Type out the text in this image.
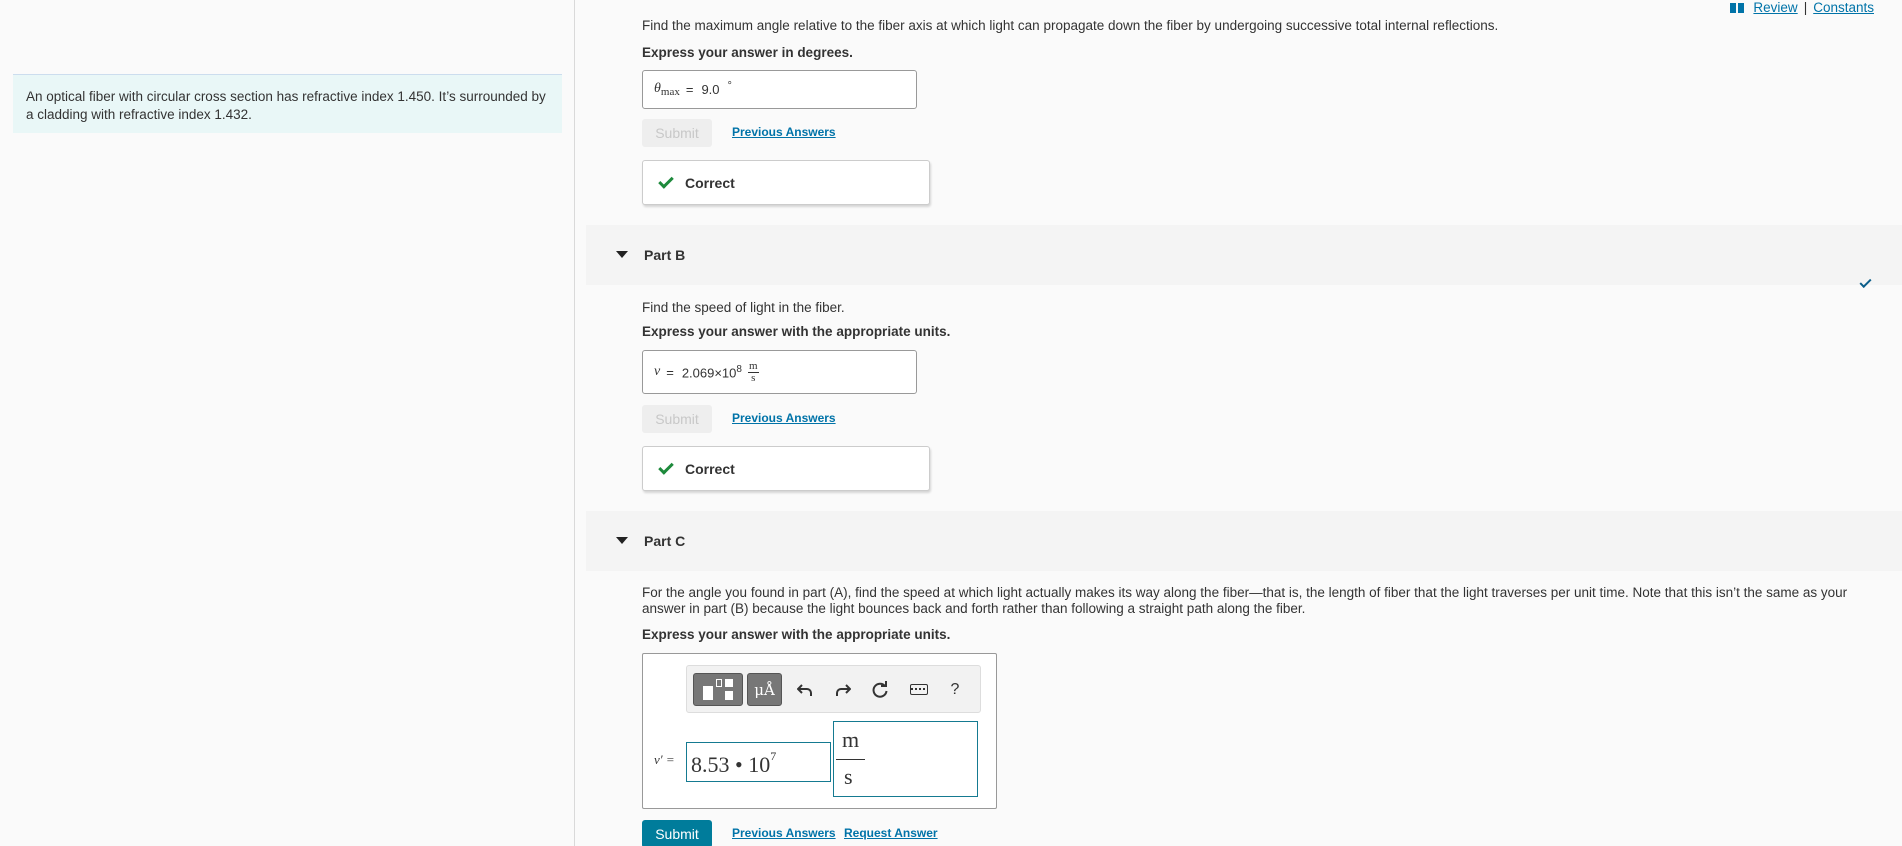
An optical fiber with circular cross section has refractive index 1.450. It’s surrounded by a cladding with refractive index 1.432.
Review | Constants
Find the maximum angle relative to the fiber axis at which light can propagate down the fiber by undergoing successive total internal reflections.
Express your answer in degrees.
$\theta_{max} = 9.0$ °
Submit	Previous Answers
Correct
Part B
Find the speed of light in the fiber.
Express your answer with the appropriate units.
$v = 2.069\times 10^8$ m
s
Submit	Previous Answers
Correct
Part C
For the angle you found in part (A), find the speed at which light actually makes its way along the fiber—that is, the length of fiber that the light traverses per unit time. Note that this isn’t the same as your answer in part (B) because the light bounces back and forth rather than following a straight path along the fiber.
Express your answer with the appropriate units.
μÅ	?
v′ = 8.53 • $10^7$
m
s
Submit	Previous Answers Request Answer
